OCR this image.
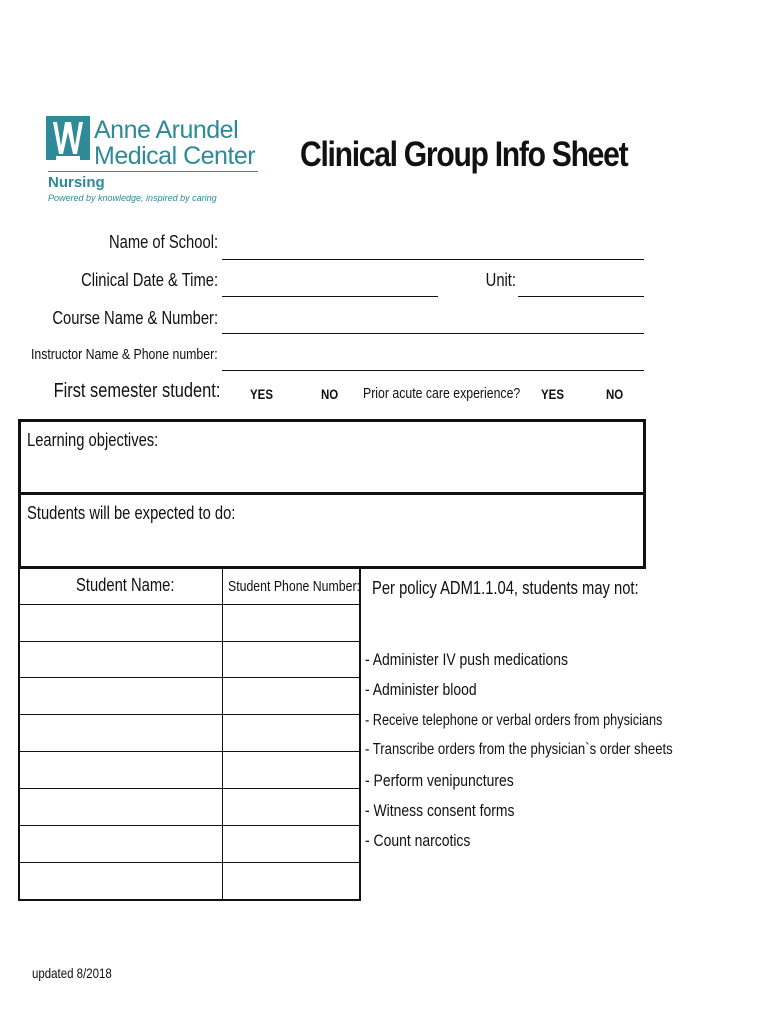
Anne Arundel
Medical Center
Nursing
Powered by knowledge, inspired by caring
Clinical Group Info Sheet
Name of School:
Clinical Date & Time:	Unit:
Course Name & Number:
Instructor Name & Phone number:
First semester student: YES	NO Prior acute care experience? YES	NO
Learning objectives:
Students will be expected to do:
Student Name:	Student Phone Number: Per policy ADM1.1.04, students may not:
- Administer IV push medications
- Administer blood
- Receive telephone or verbal orders from physicians
- Transcribe orders from the physician`s order sheets
- Perform venipunctures
- Witness consent forms
- Count narcotics
updated 8/2018
